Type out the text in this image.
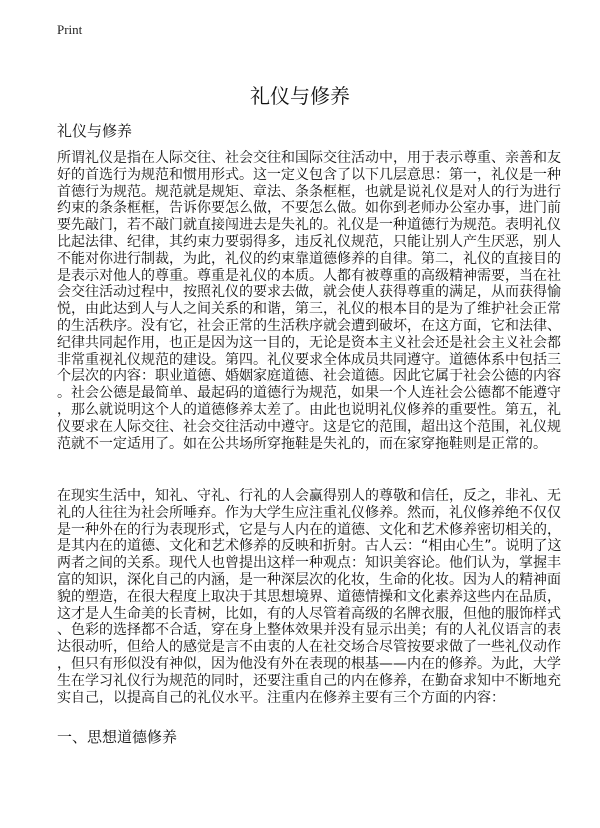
Print
礼仪与修养
礼仪与修养
所谓礼仪是指在人际交往、社会交往和国际交往活动中，用于表示尊重、亲善和友
好的首选行为规范和惯用形式。这一定义包含了以下几层意思：第一，礼仪是一种
首德行为规范。规范就是规矩、章法、条条框框，也就是说礼仪是对人的行为进行
约束的条条框框，告诉你要怎么做，不要怎么做。如你到老师办公室办事，进门前
要先敲门，若不敲门就直接闯进去是失礼的。礼仪是一种道德行为规范。表明礼仪
比起法律、纪律，其约束力要弱得多，违反礼仪规范，只能让别人产生厌恶，别人
不能对你进行制裁，为此，礼仪的约束靠道德修养的自律。第二，礼仪的直接目的
是表示对他人的尊重。尊重是礼仪的本质。人都有被尊重的高级精神需要，当在社
会交往活动过程中，按照礼仪的要求去做，就会使人获得尊重的满足，从而获得愉
悦，由此达到人与人之间关系的和谐，第三，礼仪的根本目的是为了维护社会正常
的生活秩序。没有它，社会正常的生活秩序就会遭到破坏，在这方面，它和法律、
纪律共同起作用，也正是因为这一目的，无论是资本主义社会还是社会主义社会都
非常重视礼仪规范的建设。第四。礼仪要求全体成员共同遵守。道德体系中包括三
个层次的内容：职业道德、婚姻家庭道德、社会道德。因此它属于社会公德的内容
。社会公德是最简单、最起码的道德行为规范，如果一个人连社会公德都不能遵守
，那么就说明这个人的道德修养太差了。由此也说明礼仪修养的重要性。第五，礼
仪要求在人际交往、社会交往活动中遵守。这是它的范围，超出这个范围，礼仪规
范就不一定适用了。如在公共场所穿拖鞋是失礼的，而在家穿拖鞋则是正常的。
在现实生活中，知礼、守礼、行礼的人会赢得别人的尊敬和信任，反之，非礼、无
礼的人往往为社会所唾弃。作为大学生应注重礼仪修养。然而，礼仪修养绝不仅仅
是一种外在的行为表现形式，它是与人内在的道德、文化和艺术修养密切相关的，
是其内在的道德、文化和艺术修养的反映和折射。古人云：“相由心生”。说明了这
两者之间的关系。现代人也曾提出这样一种观点：知识美容论。他们认为，掌握丰
富的知识，深化自己的内涵，是一种深层次的化妆，生命的化妆。因为人的精神面
貌的塑造，在很大程度上取决于其思想境界、道德情操和文化素养这些内在品质，
这才是人生命美的长青树，比如，有的人尽管着高级的名牌衣服，但他的服饰样式
、色彩的选择都不合适，穿在身上整体效果并没有显示出美；有的人礼仪语言的表
达很动听，但给人的感觉是言不由衷的人在社交场合尽管按要求做了一些礼仪动作
，但只有形似没有神似，因为他没有外在表现的根基——内在的修养。为此，大学
生在学习礼仪行为规范的同时，还要注重自己的内在修养，在勤奋求知中不断地充
实自己，以提高自己的礼仪水平。注重内在修养主要有三个方面的内容：
一、思想道德修养
